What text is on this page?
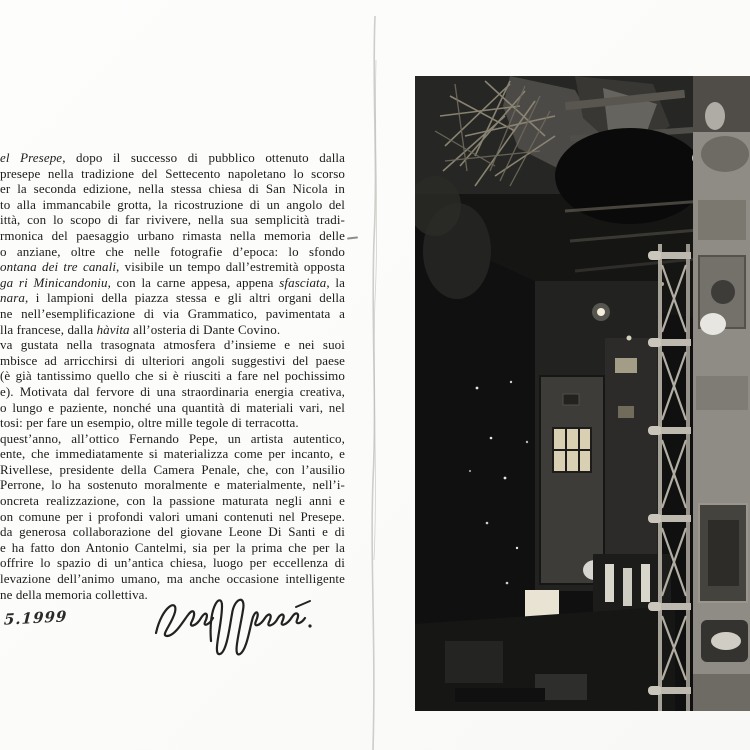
el Presepe, dopo il successo di pubblico ottenuto dalla
presepe nella tradizione del Settecento napoletano lo scorso
er la seconda edizione, nella stessa chiesa di San Nicola in
to alla immancabile grotta, la ricostruzione di un angolo del
ittà, con lo scopo di far rivivere, nella sua semplicità tradi-
rmonica del paesaggio urbano rimasta nella memoria delle
o anziane, oltre che nelle fotografie d’epoca: lo sfondo
ontana dei tre canali, visibile un tempo dall’estremità opposta
ga ri Minicandoniu, con la carne appesa, appena sfasciata, la
nara, i lampioni della piazza stessa e gli altri organi della
ne nell’esemplificazione di via Grammatico, pavimentata a
lla francese, dalla hàvita all’osteria di Dante Covino.
va gustata nella trasognata atmosfera d’insieme e nei suoi
mbisce ad arricchirsi di ulteriori angoli suggestivi del paese
(è già tantissimo quello che si è riusciti a fare nel pochissimo
e). Motivata dal fervore di una straordinaria energia creativa,
o lungo e paziente, nonché una quantità di materiali vari, nel
tosi: per fare un esempio, oltre mille tegole di terracotta.
quest’anno, all’ottico Fernando Pepe, un artista autentico,
ente, che immediatamente si materializza come per incanto, e
Rivellese, presidente della Camera Penale, che, con l’ausilio
Perrone, lo ha sostenuto moralmente e materialmente, nell’i-
oncreta realizzazione, con la passione maturata negli anni e
on comune per i profondi valori umani contenuti nel Presepe.
da generosa collaborazione del giovane Leone Di Santi e di
e ha fatto don Antonio Cantelmi, sia per la prima che per la
offrire lo spazio di un’antica chiesa, luogo per eccellenza di
levazione dell’animo umano, ma anche occasione intelligente
ne della memoria collettiva.
5.1999
